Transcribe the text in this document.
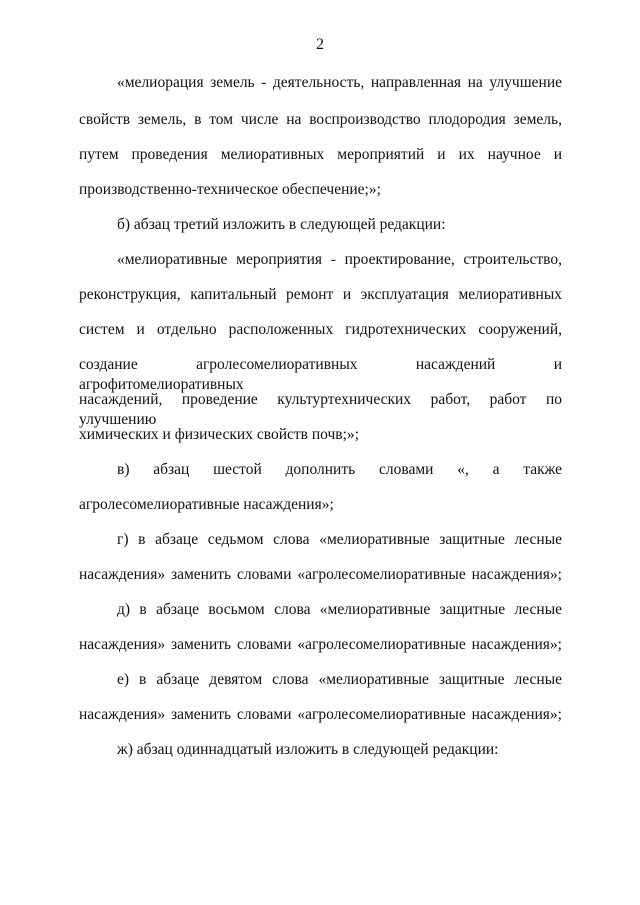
2
«мелиорация земель - деятельность, направленная на улучшение
свойств земель, в том числе на воспроизводство плодородия земель,
путем проведения мелиоративных мероприятий и их научное и
производственно-техническое обеспечение;»;
б) абзац третий изложить в следующей редакции:
«мелиоративные мероприятия - проектирование, строительство,
реконструкция, капитальный ремонт и эксплуатация мелиоративных
систем и отдельно расположенных гидротехнических сооружений,
создание агролесомелиоративных насаждений и агрофитомелиоративных
насаждений, проведение культуртехнических работ, работ по улучшению
химических и физических свойств почв;»;
в) абзац шестой дополнить словами «, а также
агролесомелиоративные насаждения»;
г) в абзаце седьмом слова «мелиоративные защитные лесные
насаждения» заменить словами «агролесомелиоративные насаждения»;
д) в абзаце восьмом слова «мелиоративные защитные лесные
насаждения» заменить словами «агролесомелиоративные насаждения»;
е) в абзаце девятом слова «мелиоративные защитные лесные
насаждения» заменить словами «агролесомелиоративные насаждения»;
ж) абзац одиннадцатый изложить в следующей редакции:
